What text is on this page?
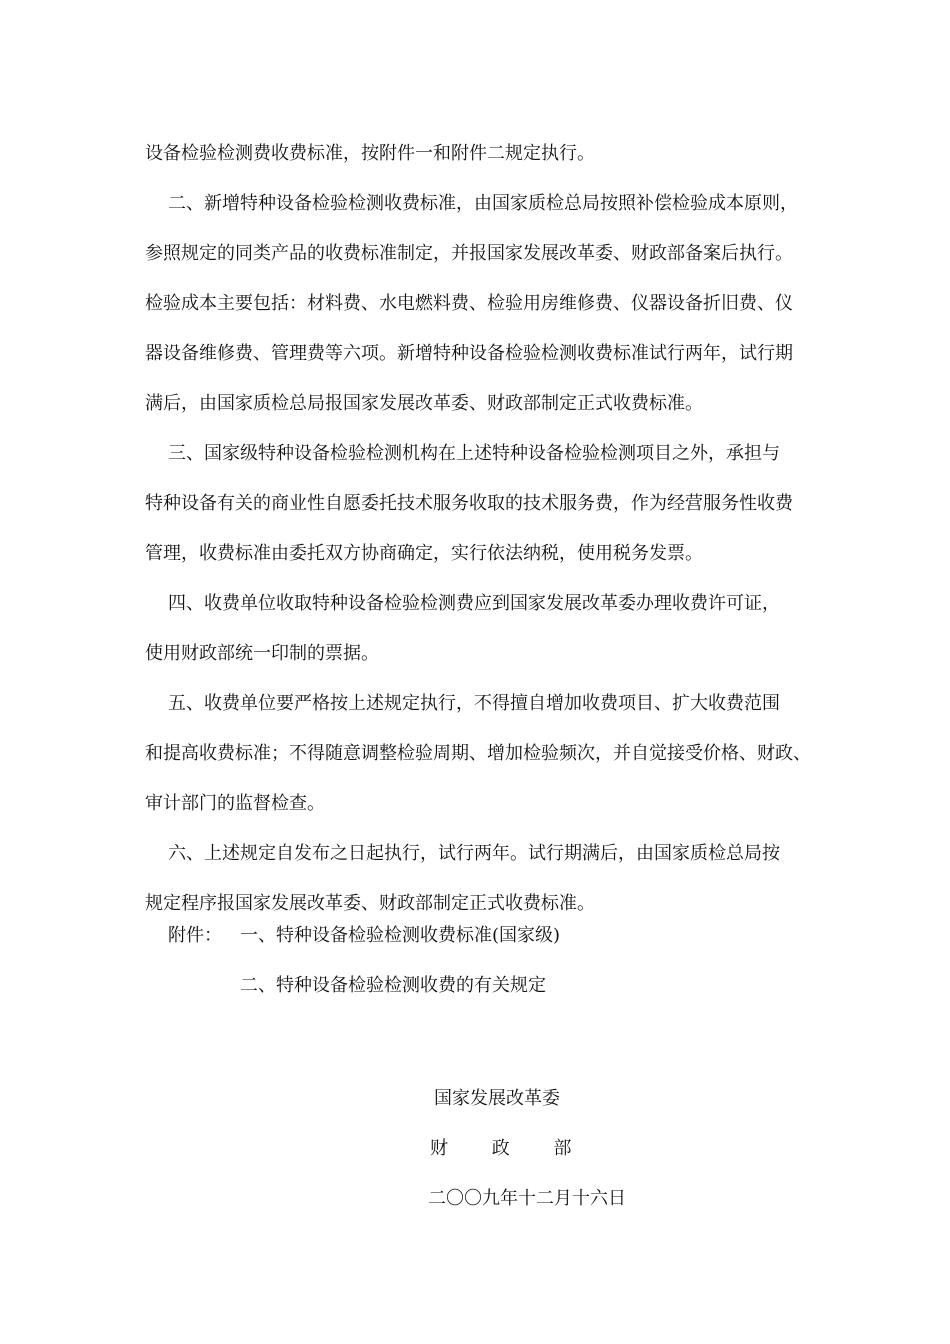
设备检验检测费收费标准，按附件一和附件二规定执行。

二、新增特种设备检验检测收费标准，由国家质检总局按照补偿检验成本原则，

参照规定的同类产品的收费标准制定，并报国家发展改革委、财政部备案后执行。

检验成本主要包括：材料费、水电燃料费、检验用房维修费、仪器设备折旧费、仪

器设备维修费、管理费等六项。新增特种设备检验检测收费标准试行两年，试行期

满后，由国家质检总局报国家发展改革委、财政部制定正式收费标准。

三、国家级特种设备检验检测机构在上述特种设备检验检测项目之外，承担与

特种设备有关的商业性自愿委托技术服务收取的技术服务费，作为经营服务性收费

管理，收费标准由委托双方协商确定，实行依法纳税，使用税务发票。

四、收费单位收取特种设备检验检测费应到国家发展改革委办理收费许可证，

使用财政部统一印制的票据。

五、收费单位要严格按上述规定执行，不得擅自增加收费项目、扩大收费范围

和提高收费标准；不得随意调整检验周期、增加检验频次，并自觉接受价格、财政、

审计部门的监督检查。

六、上述规定自发布之日起执行，试行两年。试行期满后，由国家质检总局按

规定程序报国家发展改革委、财政部制定正式收费标准。

附件： 一、特种设备检验检测收费标准(国家级)
二、特种设备检验检测收费的有关规定
国家发展改革委
财 政 部
二〇〇九年十二月十六日
